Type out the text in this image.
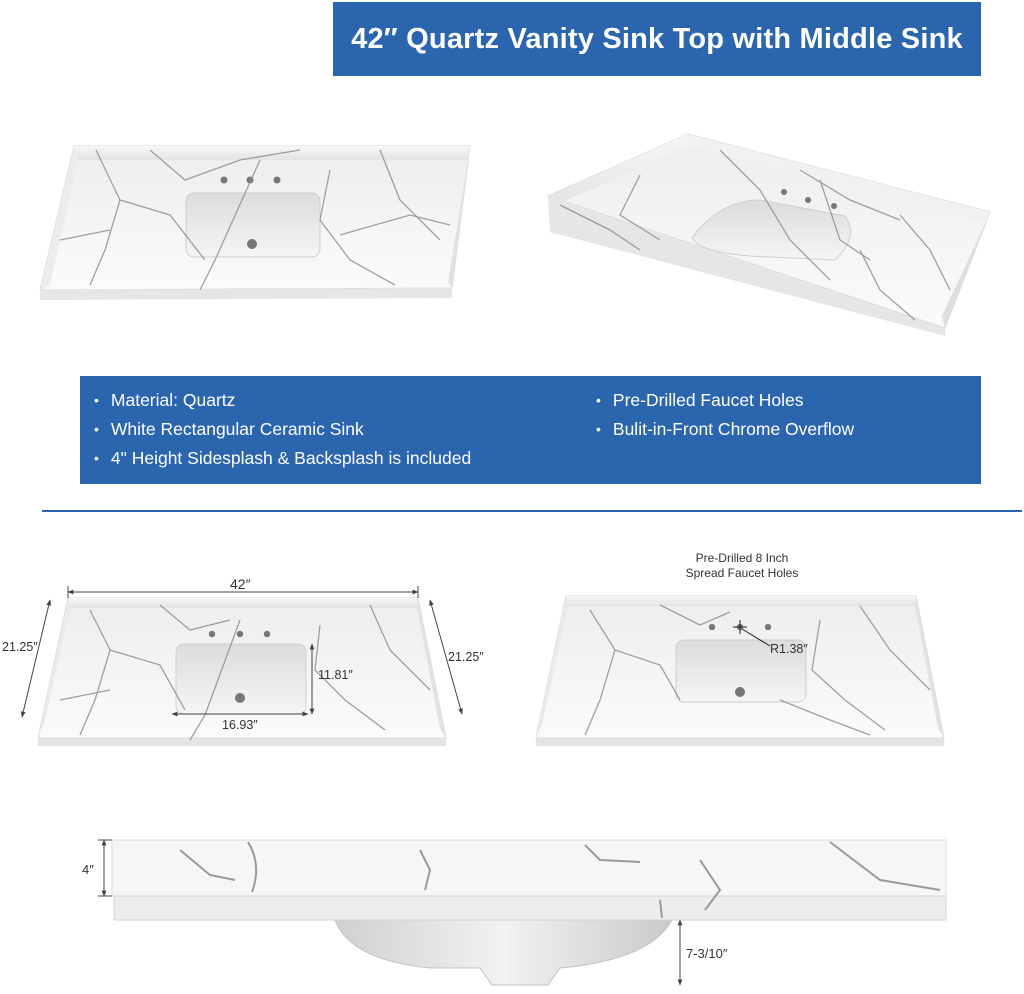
42″ Quartz Vanity Sink Top with Middle Sink
• Material: Quartz
• White Rectangular Ceramic Sink
• 4" Height Sidesplash & Backsplash is included
• Pre-Drilled Faucet Holes
• Bulit-in-Front Chrome Overflow
42″
21.25″
21.25″
11.81″
16.93″
R1.38″
Pre-Drilled 8 Inch
Spread Faucet Holes
4″
7-3/10″
